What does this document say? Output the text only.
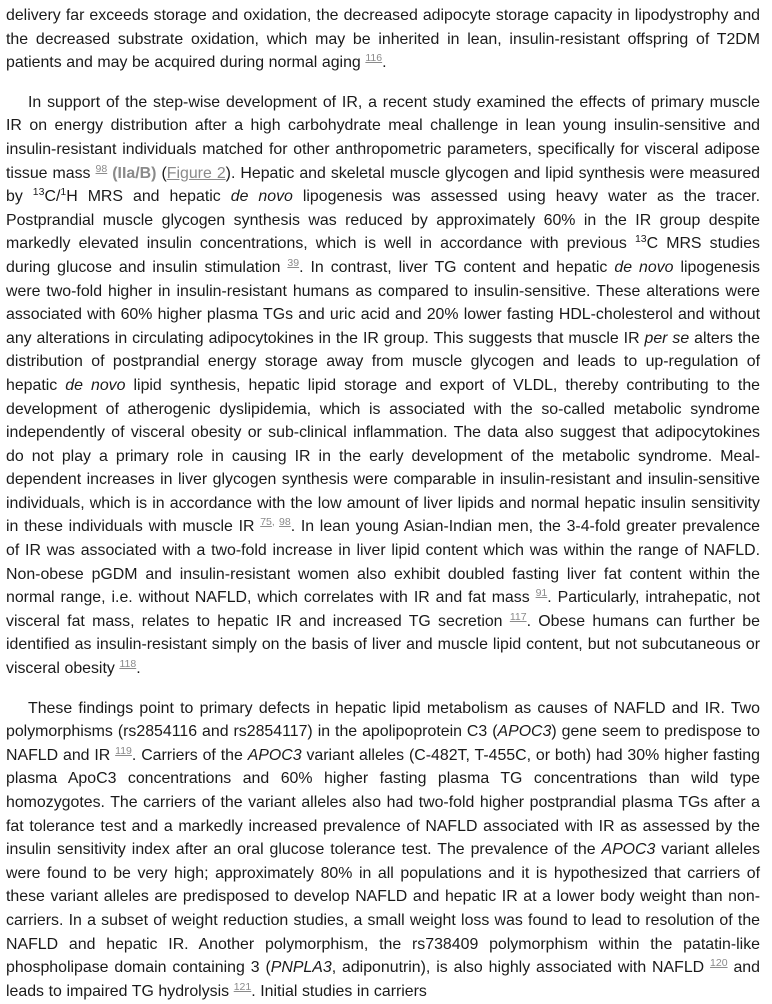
delivery far exceeds storage and oxidation, the decreased adipocyte storage capacity in lipodystrophy and the decreased substrate oxidation, which may be inherited in lean, insulin-resistant offspring of T2DM patients and may be acquired during normal aging $^{116}$.

In support of the step-wise development of IR, a recent study examined the effects of primary muscle IR on energy distribution after a high carbohydrate meal challenge in lean young insulin-sensitive and insulin-resistant individuals matched for other anthropometric parameters, specifically for visceral adipose tissue mass $^{98}$ (IIa/B) (Figure 2). Hepatic and skeletal muscle glycogen and lipid synthesis were measured by $^{13}$C/$^1$H MRS and hepatic de novo lipogenesis was assessed using heavy water as the tracer. Postprandial muscle glycogen synthesis was reduced by approximately 60% in the IR group despite markedly elevated insulin concentrations, which is well in accordance with previous $^{13}$C MRS studies during glucose and insulin stimulation $^{39}$. In contrast, liver TG content and hepatic de novo lipogenesis were two-fold higher in insulin-resistant humans as compared to insulin-sensitive. These alterations were associated with 60% higher plasma TGs and uric acid and 20% lower fasting HDL-cholesterol and without any alterations in circulating adipocytokines in the IR group. This suggests that muscle IR per se alters the distribution of postprandial energy storage away from muscle glycogen and leads to up-regulation of hepatic de novo lipid synthesis, hepatic lipid storage and export of VLDL, thereby contributing to the development of atherogenic dyslipidemia, which is associated with the so-called metabolic syndrome independently of visceral obesity or sub-clinical inflammation. The data also suggest that adipocytokines do not play a primary role in causing IR in the early development of the metabolic syndrome. Meal-dependent increases in liver glycogen synthesis were comparable in insulin-resistant and insulin-sensitive individuals, which is in accordance with the low amount of liver lipids and normal hepatic insulin sensitivity in these individuals with muscle IR $^{75, 98}$. In lean young Asian-Indian men, the 3-4-fold greater prevalence of IR was associated with a two-fold increase in liver lipid content which was within the range of NAFLD. Non-obese pGDM and insulin-resistant women also exhibit doubled fasting liver fat content within the normal range, i.e. without NAFLD, which correlates with IR and fat mass $^{91}$. Particularly, intrahepatic, not visceral fat mass, relates to hepatic IR and increased TG secretion $^{117}$. Obese humans can further be identified as insulin-resistant simply on the basis of liver and muscle lipid content, but not subcutaneous or visceral obesity $^{118}$.

These findings point to primary defects in hepatic lipid metabolism as causes of NAFLD and IR. Two polymorphisms (rs2854116 and rs2854117) in the apolipoprotein C3 (APOC3) gene seem to predispose to NAFLD and IR $^{119}$. Carriers of the APOC3 variant alleles (C-482T, T-455C, or both) had 30% higher fasting plasma ApoC3 concentrations and 60% higher fasting plasma TG concentrations than wild type homozygotes. The carriers of the variant alleles also had two-fold higher postprandial plasma TGs after a fat tolerance test and a markedly increased prevalence of NAFLD associated with IR as assessed by the insulin sensitivity index after an oral glucose tolerance test. The prevalence of the APOC3 variant alleles were found to be very high; approximately 80% in all populations and it is hypothesized that carriers of these variant alleles are predisposed to develop NAFLD and hepatic IR at a lower body weight than non-carriers. In a subset of weight reduction studies, a small weight loss was found to lead to resolution of the NAFLD and hepatic IR. Another polymorphism, the rs738409 polymorphism within the patatin-like phospholipase domain containing 3 (PNPLA3, adiponutrin), is also highly associated with NAFLD $^{120}$ and leads to impaired TG hydrolysis $^{121}$. Initial studies in carriers
